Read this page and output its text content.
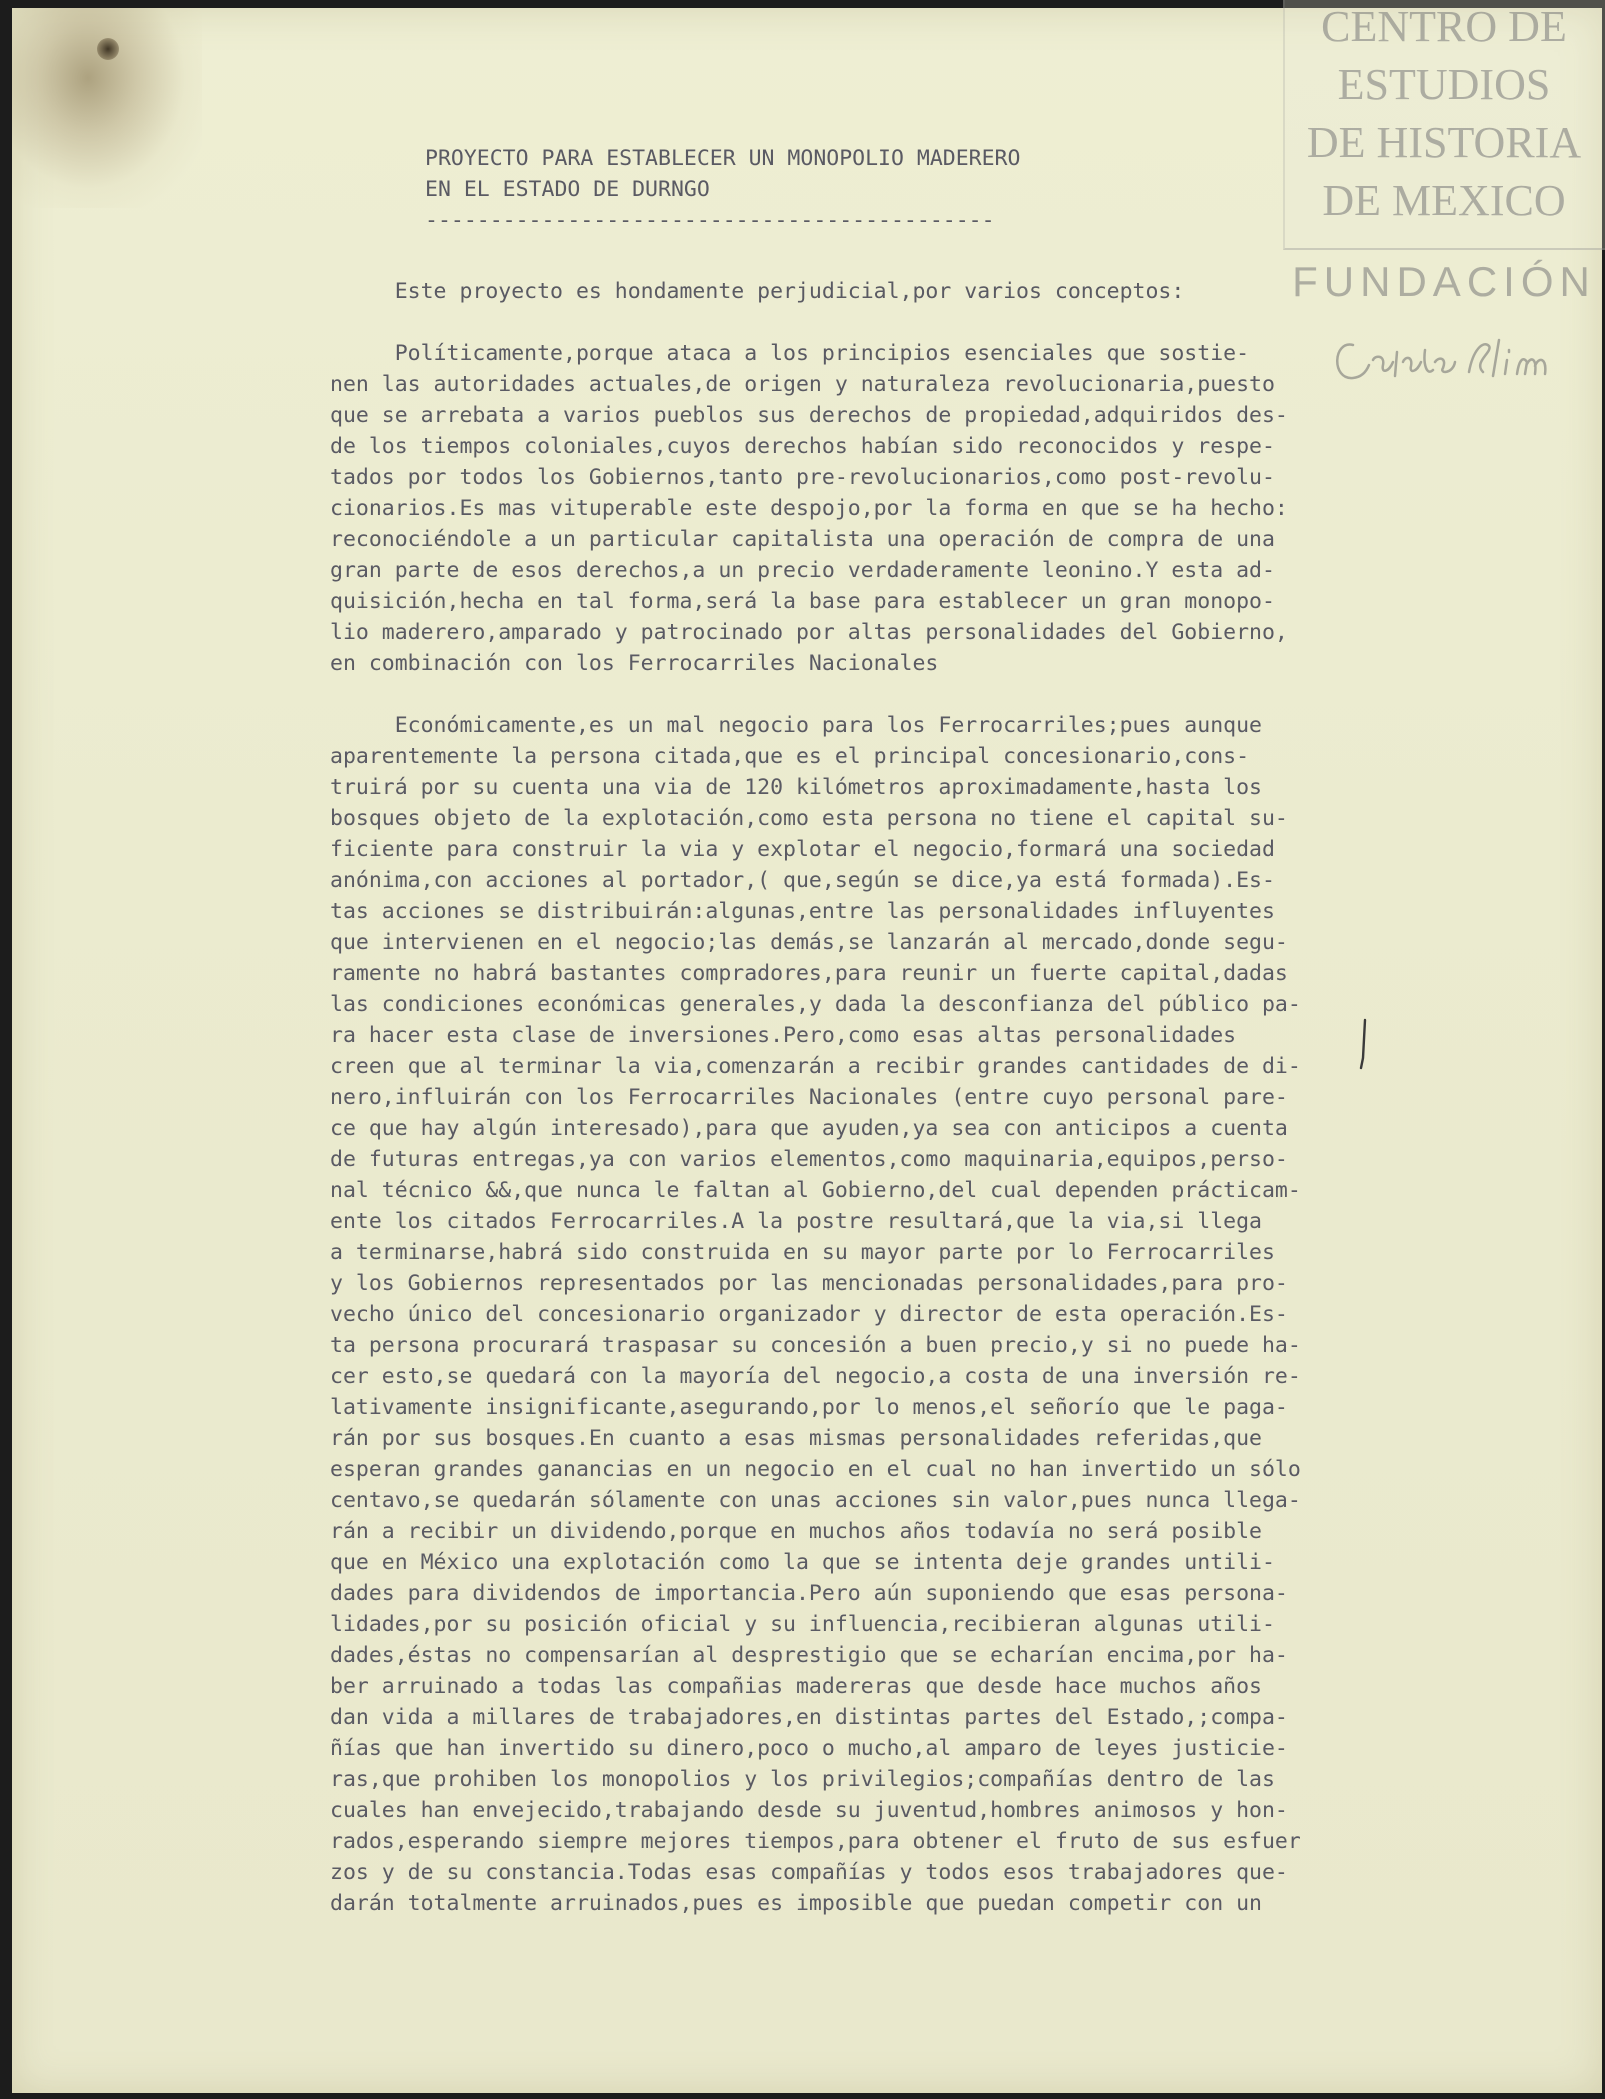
PROYECTO PARA ESTABLECER UN MONOPOLIO MADERERO
EN EL ESTADO DE DURNGO
--------------------------------------------
Este proyecto es hondamente perjudicial,por varios conceptos:
Políticamente,porque ataca a los principios esenciales que sostie-
nen las autoridades actuales,de origen y naturaleza revolucionaria,puesto
que se arrebata a varios pueblos sus derechos de propiedad,adquiridos des-
de los tiempos coloniales,cuyos derechos habían sido reconocidos y respe-
tados por todos los Gobiernos,tanto pre-revolucionarios,como post-revolu-
cionarios.Es mas vituperable este despojo,por la forma en que se ha hecho:
reconociéndole a un particular capitalista una operación de compra de una
gran parte de esos derechos,a un precio verdaderamente leonino.Y esta ad-
quisición,hecha en tal forma,será la base para establecer un gran monopo-
lio maderero,amparado y patrocinado por altas personalidades del Gobierno,
en combinación con los Ferrocarriles Nacionales
Económicamente,es un mal negocio para los Ferrocarriles;pues aunque
aparentemente la persona citada,que es el principal concesionario,cons-
truirá por su cuenta una via de 120 kilómetros aproximadamente,hasta los
bosques objeto de la explotación,como esta persona no tiene el capital su-
ficiente para construir la via y explotar el negocio,formará una sociedad
anónima,con acciones al portador,( que,según se dice,ya está formada).Es-
tas acciones se distribuirán:algunas,entre las personalidades influyentes
que intervienen en el negocio;las demás,se lanzarán al mercado,donde segu-
ramente no habrá bastantes compradores,para reunir un fuerte capital,dadas
las condiciones económicas generales,y dada la desconfianza del público pa-
ra hacer esta clase de inversiones.Pero,como esas altas personalidades
creen que al terminar la via,comenzarán a recibir grandes cantidades de di-
nero,influirán con los Ferrocarriles Nacionales (entre cuyo personal pare-
ce que hay algún interesado),para que ayuden,ya sea con anticipos a cuenta
de futuras entregas,ya con varios elementos,como maquinaria,equipos,perso-
nal técnico &&,que nunca le faltan al Gobierno,del cual dependen prácticam-
ente los citados Ferrocarriles.A la postre resultará,que la via,si llega
a terminarse,habrá sido construida en su mayor parte por lo Ferrocarriles
y los Gobiernos representados por las mencionadas personalidades,para pro-
vecho único del concesionario organizador y director de esta operación.Es-
ta persona procurará traspasar su concesión a buen precio,y si no puede ha-
cer esto,se quedará con la mayoría del negocio,a costa de una inversión re-
lativamente insignificante,asegurando,por lo menos,el señorío que le paga-
rán por sus bosques.En cuanto a esas mismas personalidades referidas,que
esperan grandes ganancias en un negocio en el cual no han invertido un sólo
centavo,se quedarán sólamente con unas acciones sin valor,pues nunca llega-
rán a recibir un dividendo,porque en muchos años todavía no será posible
que en México una explotación como la que se intenta deje grandes untili-
dades para dividendos de importancia.Pero aún suponiendo que esas persona-
lidades,por su posición oficial y su influencia,recibieran algunas utili-
dades,éstas no compensarían al desprestigio que se echarían encima,por ha-
ber arruinado a todas las compañias madereras que desde hace muchos años
dan vida a millares de trabajadores,en distintas partes del Estado,;compa-
ñías que han invertido su dinero,poco o mucho,al amparo de leyes justicie-
ras,que prohiben los monopolios y los privilegios;compañías dentro de las
cuales han envejecido,trabajando desde su juventud,hombres animosos y hon-
rados,esperando siempre mejores tiempos,para obtener el fruto de sus esfuer
zos y de su constancia.Todas esas compañías y todos esos trabajadores que-
darán totalmente arruinados,pues es imposible que puedan competir con un
CENTRO DE
ESTUDIOS
DE HISTORIA
DE MEXICO
FUNDACIÓN
